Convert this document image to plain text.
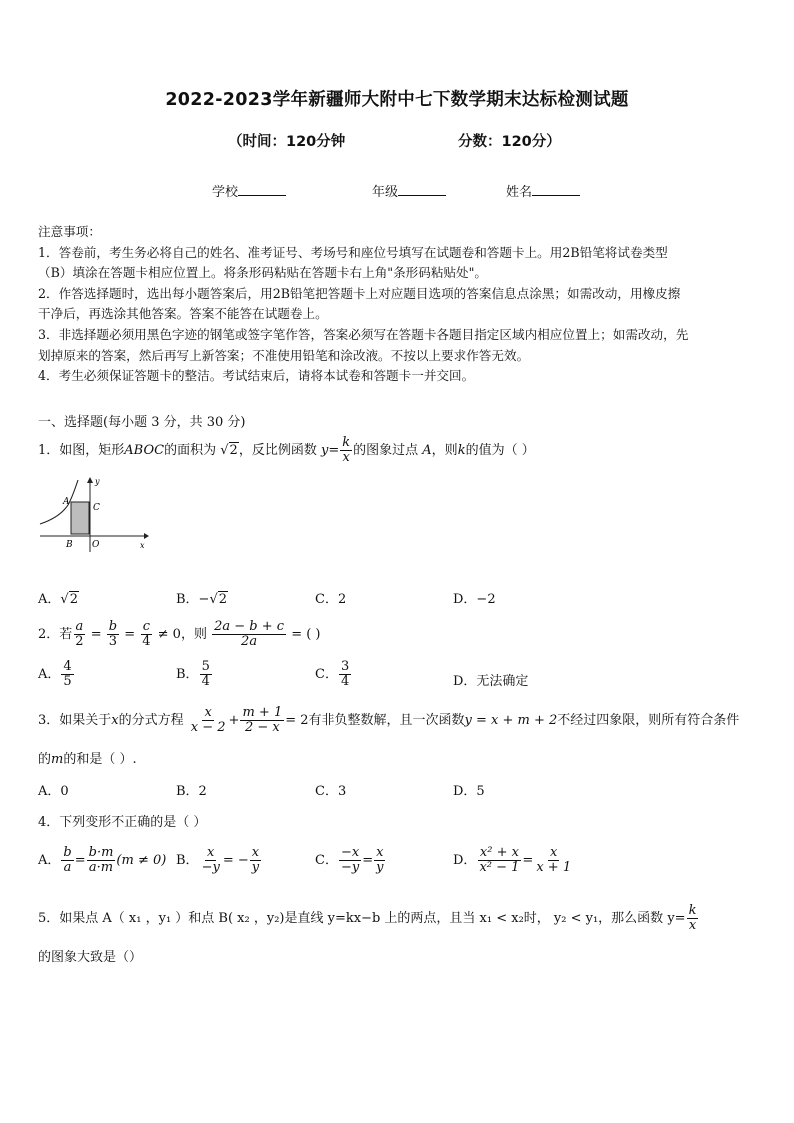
2022-2023学年新疆师大附中七下数学期末达标检测试题
（时间：120分钟	分数：120分）
学校	年级	姓名

注意事项：

1．答卷前，考生务必将自己的姓名、准考证号、考场号和座位号填写在试题卷和答题卡上。用2B铅笔将试卷类型

（B）填涂在答题卡相应位置上。将条形码粘贴在答题卡右上角"条形码粘贴处"。

2．作答选择题时，选出每小题答案后，用2B铅笔把答题卡上对应题目选项的答案信息点涂黑；如需改动，用橡皮擦

干净后，再选涂其他答案。答案不能答在试题卷上。

3．非选择题必须用黑色字迹的钢笔或签字笔作答，答案必须写在答题卡各题目指定区域内相应位置上；如需改动，先

划掉原来的答案，然后再写上新答案；不准使用铅笔和涂改液。不按以上要求作答无效。

4．考生必须保证答题卡的整洁。考试结束后，请将本试卷和答题卡一并交回。

一、选择题(每小题 3 分，共 30 分)
1．如图，矩形ABOC的面积为 √2，反比例函数 $y= \frac{k}{x}$ 的图象过点 A，则k的值为（ ）
A
C
B O	x
y
A．√2	B．−√2	C．2	D．−2
2．若 $\frac{a}{2} = \frac{b}{3} = \frac{c}{4} \ne 0$，则 $\frac{2a - b + c}{2a}$ = ( )
A． $\frac{4}{5}$	B． $\frac{5}{4}$	C． $\frac{3}{4}$	D．无法确定
3．如果关于x的分式方程 $\frac{x}{x - 2} + \frac{m + 1}{2 - x} = 2$有非负整数解，且一次函数y = x + m + 2不经过四象限，则所有符合条件
的m的和是（ ）.
A．0	B．2	C．3	D．5
4．下列变形不正确的是（ ）
A． $\frac{b}{a} = \frac{b\cdot m}{a\cdot m} (m \ne 0)$ B． $\frac{x}{-y}$ = − $\frac{x}{y}$	C． $\frac{-x}{-y} = \frac{x}{y}$	D． $\frac{\text{x² + x}}{\text{x² − 1}} = \frac{x}{x + 1}$
5．如果点 A（ x₁ ，y₁ ）和点 B( x₂ ，y₂)是直线 y=kx−b 上的两点，且当 x₁ < x₂时， y₂ < y₁，那么函数 $y= \frac{k}{x}$
的图象大致是（）
